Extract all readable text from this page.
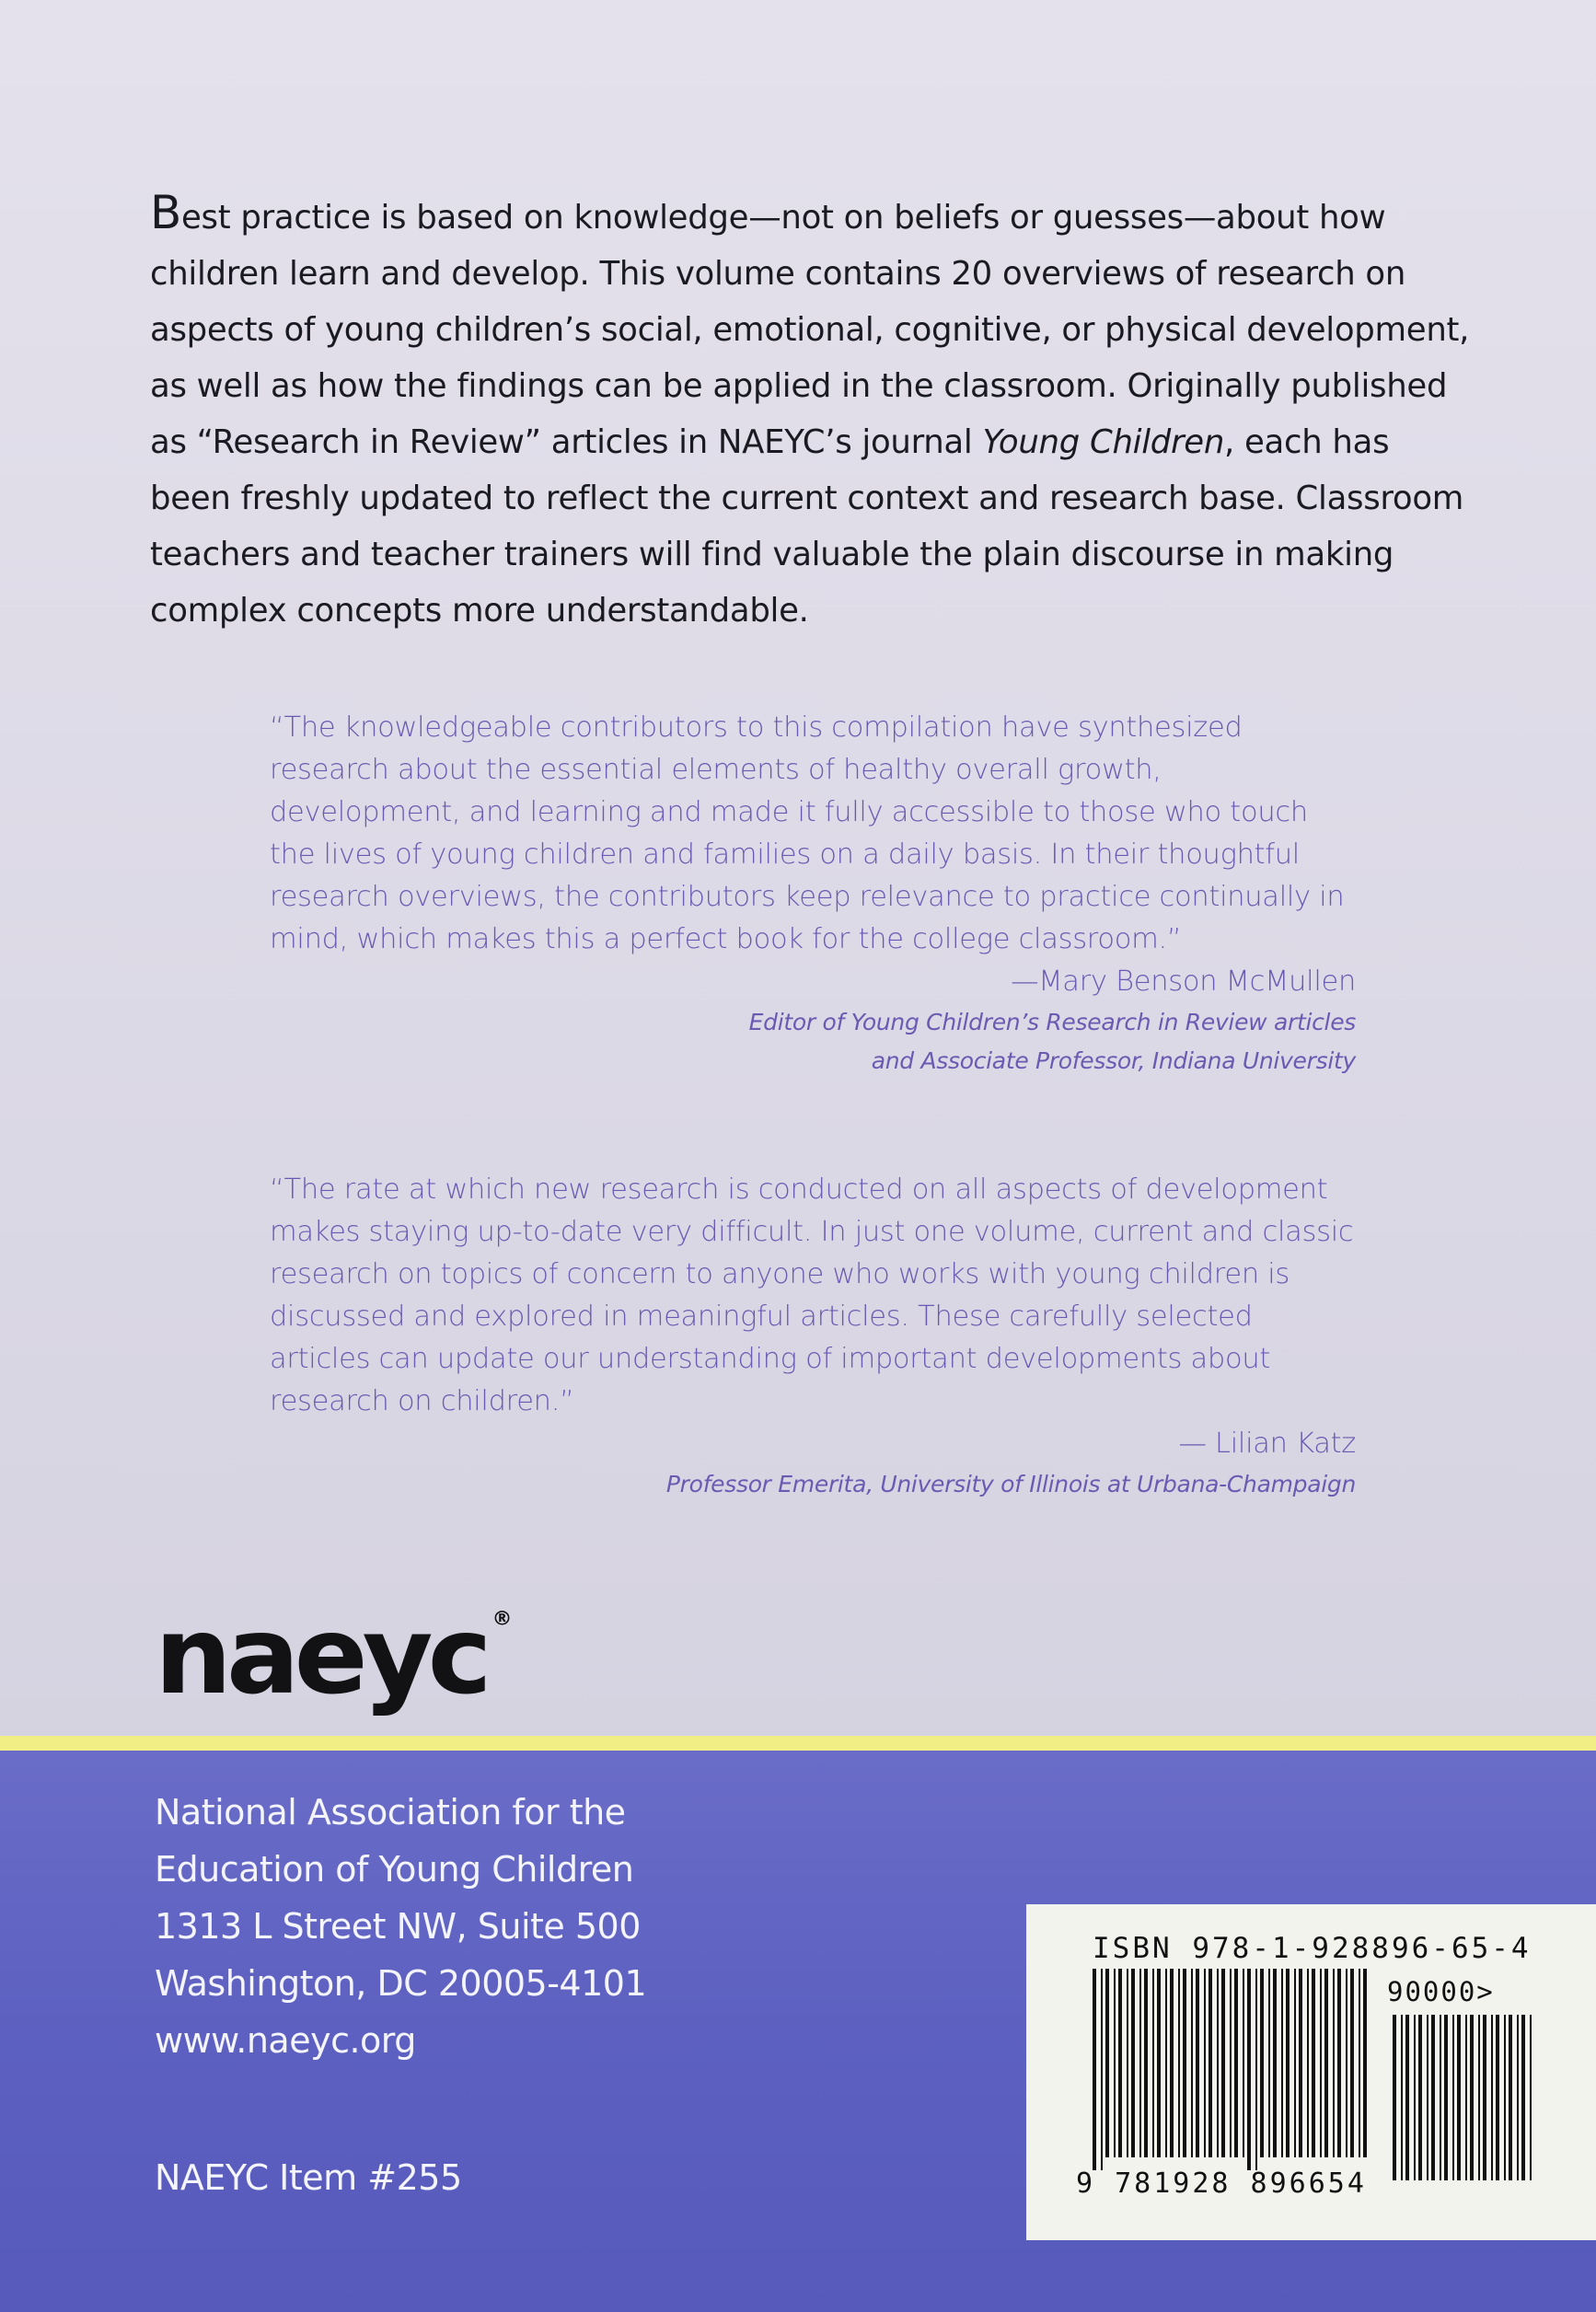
Best practice is based on knowledge—not on beliefs or guesses—about how children learn and develop. This volume contains 20 overviews of research on aspects of young children’s social, emotional, cognitive, or physical development, as well as how the findings can be applied in the classroom. Originally published as “Research in Review” articles in NAEYC’s journal Young Children, each has been freshly updated to reflect the current context and research base. Classroom teachers and teacher trainers will find valuable the plain discourse in making complex concepts more understandable.

“The knowledgeable contributors to this compilation have synthesized research about the essential elements of healthy overall growth, development, and learning and made it fully accessible to those who touch the lives of young children and families on a daily basis. In their thoughtful research overviews, the contributors keep relevance to practice continually in mind, which makes this a perfect book for the college classroom.”

—Mary Benson McMullen
Editor of Young Children’s Research in Review articles
and Associate Professor, Indiana University

“The rate at which new research is conducted on all aspects of development makes staying up-to-date very difficult. In just one volume, current and classic research on topics of concern to anyone who works with young children is discussed and explored in meaningful articles. These carefully selected articles can update our understanding of important developments about research on children.”

— Lilian Katz
Professor Emerita, University of Illinois at Urbana-Champaign
naeyc ®
National Association for the
Education of Young Children
1313 L Street NW, Suite 500
Washington, DC 20005-4101
www.naeyc.org
NAEYC Item #255
ISBN 978-1-928896-65-4
90000>
9 781928 896654
